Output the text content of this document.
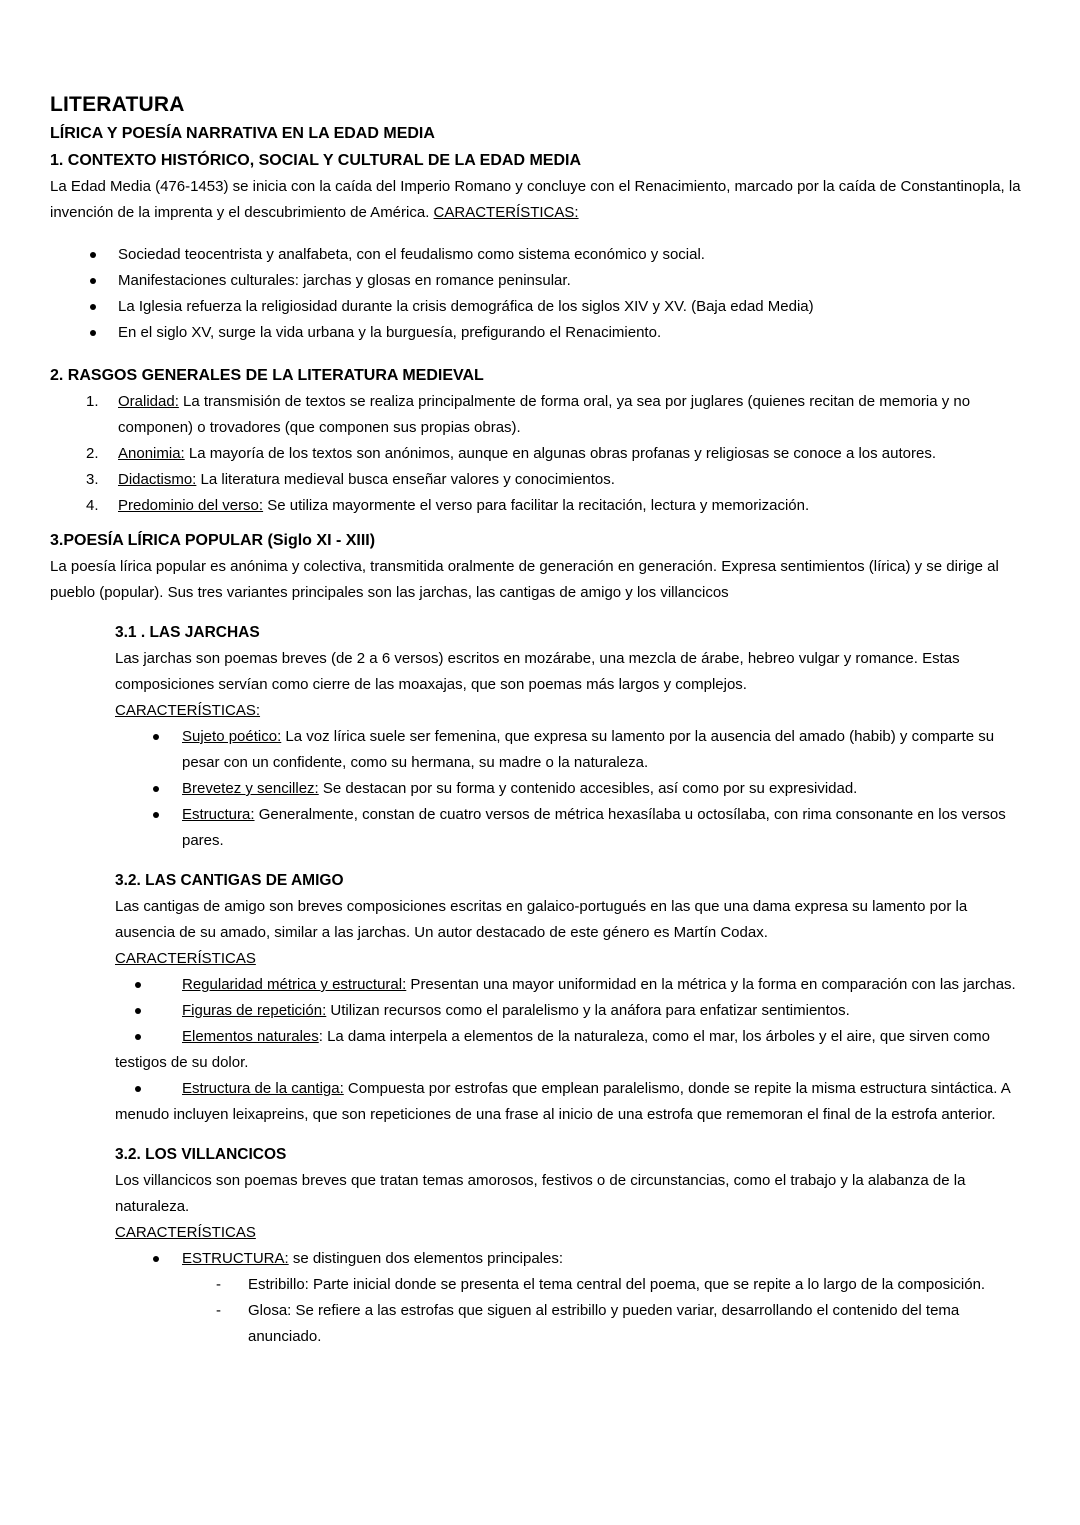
LITERATURA
LÍRICA Y POESÍA NARRATIVA EN LA EDAD MEDIA
1. CONTEXTO HISTÓRICO, SOCIAL Y CULTURAL DE LA EDAD MEDIA

La Edad Media (476-1453) se inicia con la caída del Imperio Romano y concluye con el Renacimiento, marcado por la caída de Constantinopla, la invención de la imprenta y el descubrimiento de América. CARACTERÍSTICAS:

Sociedad teocentrista y analfabeta, con el feudalismo como sistema económico y social.
Manifestaciones culturales: jarchas y glosas en romance peninsular.
La Iglesia refuerza la religiosidad durante la crisis demográfica de los siglos XIV y XV. (Baja edad Media)
En el siglo XV, surge la vida urbana y la burguesía, prefigurando el Renacimiento.
2. RASGOS GENERALES DE LA LITERATURA MEDIEVAL
Oralidad: La transmisión de textos se realiza principalmente de forma oral, ya sea por juglares (quienes recitan de memoria y no componen) o trovadores (que componen sus propias obras).
Anonimia: La mayoría de los textos son anónimos, aunque en algunas obras profanas y religiosas se conoce a los autores.
Didactismo: La literatura medieval busca enseñar valores y conocimientos.
Predominio del verso: Se utiliza mayormente el verso para facilitar la recitación, lectura y memorización.
3.POESÍA LÍRICA POPULAR (Siglo XI - XIII)

La poesía lírica popular es anónima y colectiva, transmitida oralmente de generación en generación. Expresa sentimientos (lírica) y se dirige al pueblo (popular). Sus tres variantes principales son las jarchas, las cantigas de amigo y los villancicos

3.1 . LAS JARCHAS

Las jarchas son poemas breves (de 2 a 6 versos) escritos en mozárabe, una mezcla de árabe, hebreo vulgar y romance. Estas composiciones servían como cierre de las moaxajas, que son poemas más largos y complejos.

CARACTERÍSTICAS:

Sujeto poético: La voz lírica suele ser femenina, que expresa su lamento por la ausencia del amado (habib) y comparte su pesar con un confidente, como su hermana, su madre o la naturaleza.
Brevetez y sencillez: Se destacan por su forma y contenido accesibles, así como por su expresividad.
Estructura: Generalmente, constan de cuatro versos de métrica hexasílaba u octosílaba, con rima consonante en los versos pares.
3.2. LAS CANTIGAS DE AMIGO

Las cantigas de amigo son breves composiciones escritas en galaico-portugués en las que una dama expresa su lamento por la ausencia de su amado, similar a las jarchas. Un autor destacado de este género es Martín Codax.

CARACTERÍSTICAS

Regularidad métrica y estructural: Presentan una mayor uniformidad en la métrica y la forma en comparación con las jarchas.

Figuras de repetición: Utilizan recursos como el paralelismo y la anáfora para enfatizar sentimientos.

Elementos naturales: La dama interpela a elementos de la naturaleza, como el mar, los árboles y el aire, que sirven como testigos de su dolor.

Estructura de la cantiga: Compuesta por estrofas que emplean paralelismo, donde se repite la misma estructura sintáctica. A menudo incluyen leixapreins, que son repeticiones de una frase al inicio de una estrofa que rememoran el final de la estrofa anterior.

3.2. LOS VILLANCICOS

Los villancicos son poemas breves que tratan temas amorosos, festivos o de circunstancias, como el trabajo y la alabanza de la naturaleza.

CARACTERÍSTICAS

ESTRUCTURA: se distinguen dos elementos principales:
- Estribillo: Parte inicial donde se presenta el tema central del poema, que se repite a lo largo de la composición.
- Glosa: Se refiere a las estrofas que siguen al estribillo y pueden variar, desarrollando el contenido del tema anunciado.
